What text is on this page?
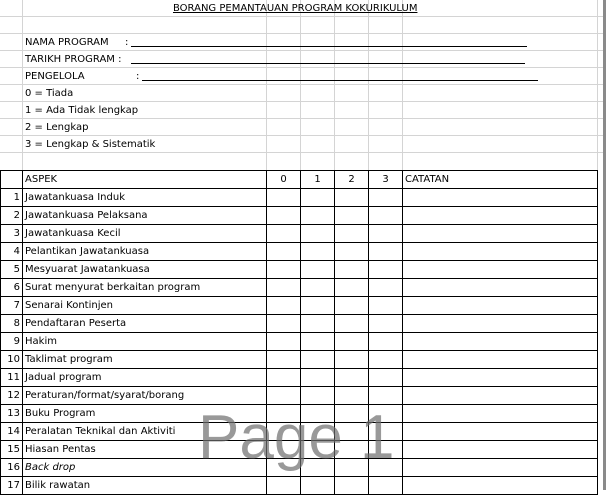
BORANG PEMANTAUAN PROGRAM KOKURIKULUM
NAMA PROGRAM :
TARIKH PROGRAM :
PENGELOLA	:
0 = Tiada
1 = Ada Tidak lengkap
2 = Lengkap
3 = Lengkap & Sistematik
	ASPEK	0	1	2	3	CATATAN
1	Jawatankuasa Induk					
2	Jawatankuasa Pelaksana					
3	Jawatankuasa Kecil					
4	Pelantikan Jawatankuasa					
5	Mesyuarat Jawatankuasa					
6	Surat menyurat berkaitan program					
7	Senarai Kontinjen					
8	Pendaftaran Peserta					
9	Hakim					
10	Taklimat program					
11	Jadual program					
12	Peraturan/format/syarat/borang					
13	Buku Program					
14	Peralatan Teknikal dan Aktiviti					
15	Hiasan Pentas					
16	Back drop					
17	Bilik rawatan					
Page 1
